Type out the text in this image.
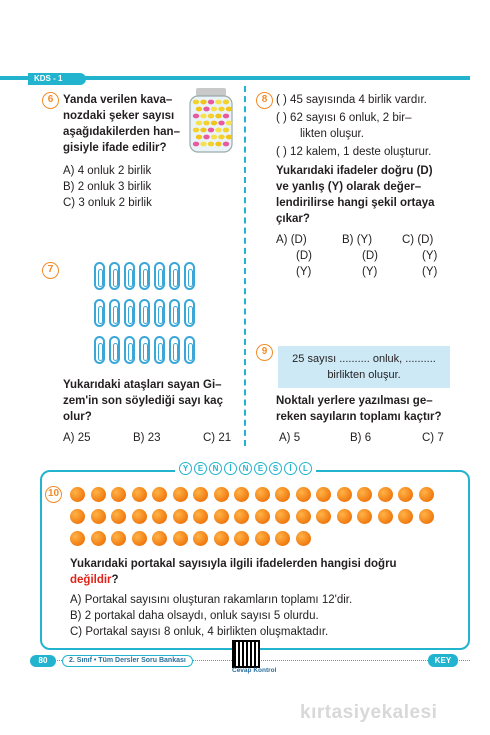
KDS - 1
6 Yanda verilen kava–
nozdaki şeker sayısı
aşağıdakilerden han–
gisiyle ifade edilir?
A) 4 onluk 2 birlik
B) 2 onluk 3 birlik
C) 3 onluk 2 birlik
7
Yukarıdaki ataşları sayan Gi–
zem'in son söylediği sayı kaç
olur?
A) 25	B) 23	C) 21
8 ( ) 45 sayısında 4 birlik vardır.
( ) 62 sayısı 6 onluk, 2 bir–
likten oluşur.
( ) 12 kalem, 1 deste oluşturur.
Yukarıdaki ifadeler doğru (D)
ve yanlış (Y) olarak değer–
lendirilirse hangi şekil ortaya
çıkar?
A) (D)
(D)
(Y)
B) (Y)
(D)
(Y)
C) (D)
(Y)
(Y)
9
25 sayısı .......... onluk, ..........
birlikten oluşur.
Noktalı yerlere yazılması ge–
reken sayıların toplamı kaçtır?
A) 5	B) 6	C) 7
Y	E	N	İ	N	E	S	İ	L
10
Yukarıdaki portakal sayısıyla ilgili ifadelerden hangisi doğru
değildir?
A) Portakal sayısını oluşturan rakamların toplamı 12'dir.
B) 2 portakal daha olsaydı, onluk sayısı 5 olurdu.
C) Portakal sayısı 8 onluk, 4 birlikten oluşmaktadır.
80	2. Sınıf • Tüm Dersler Soru Bankası
Cevap Kontrol
KEY
kırtasiyekalesi
